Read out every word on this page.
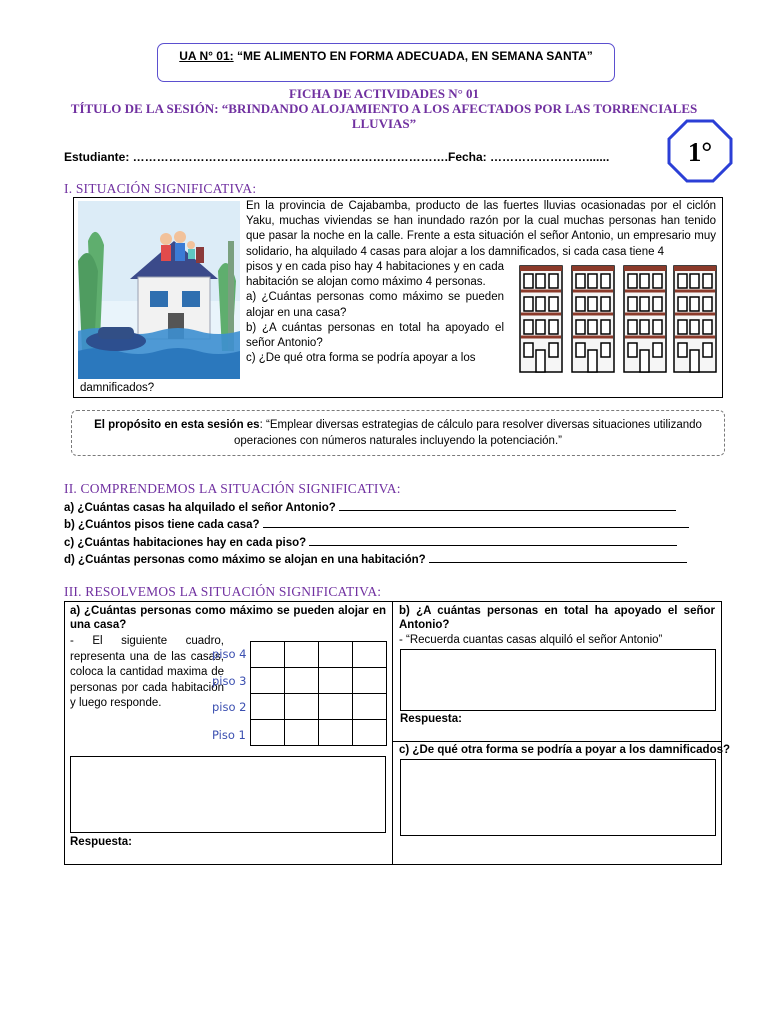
UA N° 01: “ME ALIMENTO EN FORMA ADECUADA, EN SEMANA SANTA”
FICHA DE ACTIVIDADES N° 01
TÍTULO DE LA SESIÓN: “BRINDANDO ALOJAMIENTO A LOS AFECTADOS POR LAS TORRENCIALES
LLUVIAS”
1°
Estudiante: ……………………………………………………………………..
Fecha: …………………….......
I. SITUACIÓN SIGNIFICATIVA:
En la provincia de Cajabamba, producto de las fuertes lluvias ocasionadas por el ciclón Yaku, muchas viviendas se han inundado razón por la cual muchas personas han tenido que pasar la noche en la calle. Frente a esta situación el señor Antonio, un empresario muy solidario, ha alquilado 4 casas para alojar a los damnificados, si cada casa tiene 4
pisos y en cada piso hay 4 habitaciones y en cada habitación se alojan como máximo 4 personas.
a) ¿Cuántas personas como máximo se pueden alojar en una casa?
b) ¿A cuántas personas en total ha apoyado el señor Antonio?
c) ¿De qué otra forma se podría apoyar a los
damnificados?
El propósito en esta sesión es: “Emplear diversas estrategias de cálculo para resolver diversas situaciones utilizando operaciones con números naturales incluyendo la potenciación.”
II. COMPRENDEMOS LA SITUACIÓN SIGNIFICATIVA:
a) ¿Cuántas casas ha alquilado el señor Antonio?
b) ¿Cuántos pisos tiene cada casa?
c) ¿Cuántas habitaciones hay en cada piso?
d) ¿Cuántas personas como máximo se alojan en una habitación?
III. RESOLVEMOS LA SITUACIÓN SIGNIFICATIVA:
a) ¿Cuántas personas como máximo se pueden alojar en una casa?
- El siguiente cuadro, representa una de las casas, coloca la cantidad maxima de personas por cada habitación y luego responde.
piso 4
piso 3
piso 2
Piso 1

Respuesta:
b) ¿A cuántas personas en total ha apoyado el señor Antonio?
- “Recuerda cuantas casas alquiló el señor Antonio”
Respuesta:
c) ¿De qué otra forma se podría a poyar a los damnificados?
